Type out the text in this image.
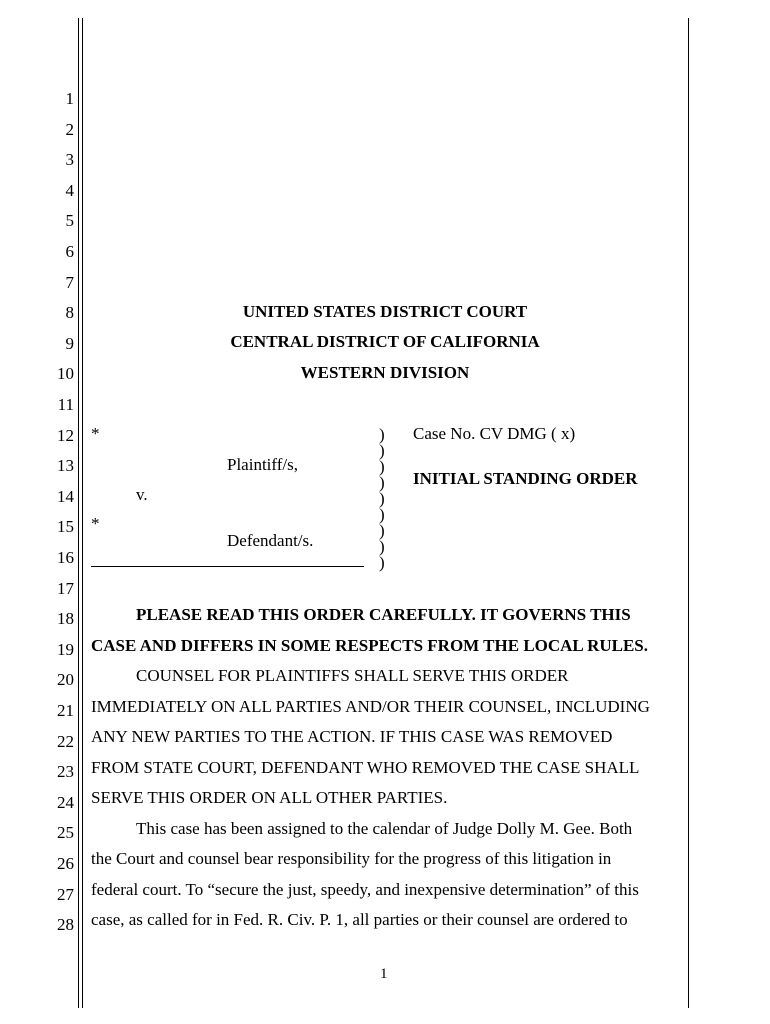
1
2
3
4
5
6
7
8
9
10
11
12
13
14
15
16
17
18
19
20
21
22
23
24
25
26
27
28
UNITED STATES DISTRICT COURT
CENTRAL DISTRICT OF CALIFORNIA
WESTERN DIVISION
*
Plaintiff/s,
v.
*
Defendant/s.
)
)
)
)
)
)
)
)
)
Case No. CV DMG ( x)
INITIAL STANDING ORDER
PLEASE READ THIS ORDER CAREFULLY. IT GOVERNS THIS
CASE AND DIFFERS IN SOME RESPECTS FROM THE LOCAL RULES.
COUNSEL FOR PLAINTIFFS SHALL SERVE THIS ORDER
IMMEDIATELY ON ALL PARTIES AND/OR THEIR COUNSEL, INCLUDING
ANY NEW PARTIES TO THE ACTION. IF THIS CASE WAS REMOVED
FROM STATE COURT, DEFENDANT WHO REMOVED THE CASE SHALL
SERVE THIS ORDER ON ALL OTHER PARTIES.
This case has been assigned to the calendar of Judge Dolly M. Gee. Both
the Court and counsel bear responsibility for the progress of this litigation in
federal court. To “secure the just, speedy, and inexpensive determination” of this
case, as called for in Fed. R. Civ. P. 1, all parties or their counsel are ordered to
1
